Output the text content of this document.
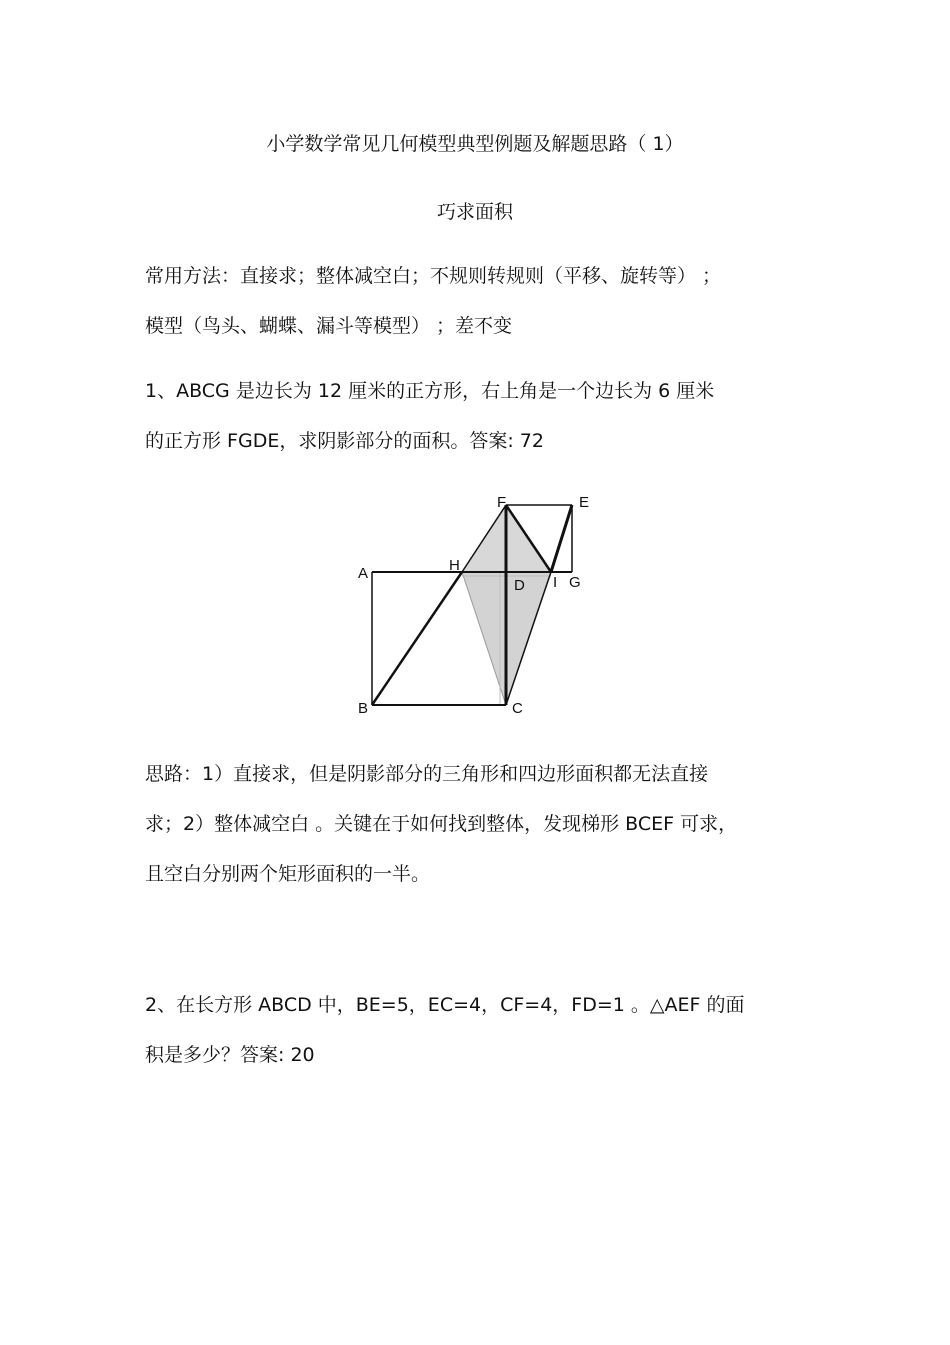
小学数学常见几何模型典型例题及解题思路（ 1）
巧求面积
常用方法：直接求；整体减空白；不规则转规则（平移、旋转等） ；
模型（鸟头、蝴蝶、漏斗等模型） ；差不变
1、ABCG 是边长为 12 厘米的正方形，右上角是一个边长为 6 厘米
的正方形 FGDE，求阴影部分的面积。答案: 72
F	E
A	H
D I G
B	C
思路：1）直接求，但是阴影部分的三角形和四边形面积都无法直接
求；2）整体减空白 。关键在于如何找到整体，发现梯形 BCEF 可求，
且空白分别两个矩形面积的一半。
2、在长方形 ABCD 中，BE=5，EC=4，CF=4，FD=1 。△AEF 的面
积是多少？答案: 20
